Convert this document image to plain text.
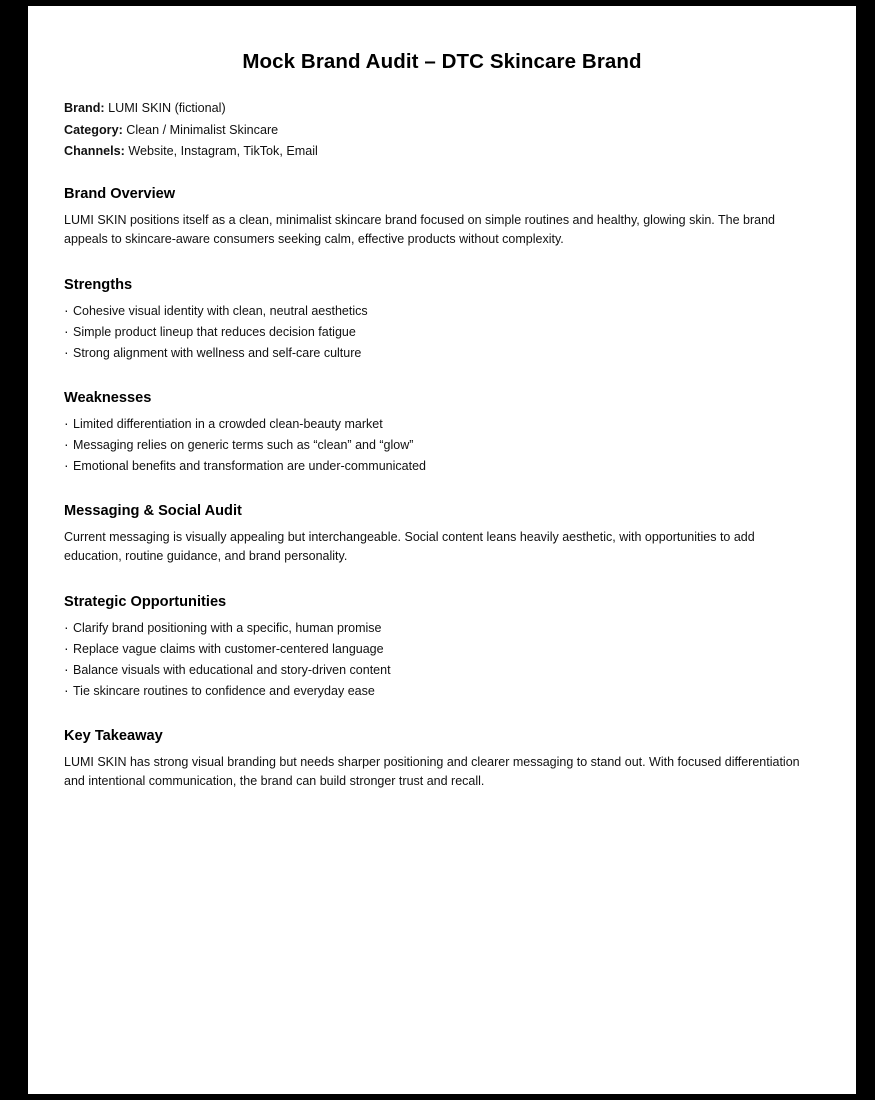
Mock Brand Audit – DTC Skincare Brand
Brand: LUMI SKIN (fictional)
Category: Clean / Minimalist Skincare
Channels: Website, Instagram, TikTok, Email
Brand Overview

LUMI SKIN positions itself as a clean, minimalist skincare brand focused on simple routines and healthy, glowing skin. The brand appeals to skincare-aware consumers seeking calm, effective products without complexity.

Strengths
· Cohesive visual identity with clean, neutral aesthetics
· Simple product lineup that reduces decision fatigue
· Strong alignment with wellness and self-care culture
Weaknesses
· Limited differentiation in a crowded clean-beauty market
· Messaging relies on generic terms such as “clean” and “glow”
· Emotional benefits and transformation are under-communicated
Messaging & Social Audit

Current messaging is visually appealing but interchangeable. Social content leans heavily aesthetic, with opportunities to add education, routine guidance, and brand personality.

Strategic Opportunities
· Clarify brand positioning with a specific, human promise
· Replace vague claims with customer-centered language
· Balance visuals with educational and story-driven content
· Tie skincare routines to confidence and everyday ease
Key Takeaway

LUMI SKIN has strong visual branding but needs sharper positioning and clearer messaging to stand out. With focused differentiation and intentional communication, the brand can build stronger trust and recall.
